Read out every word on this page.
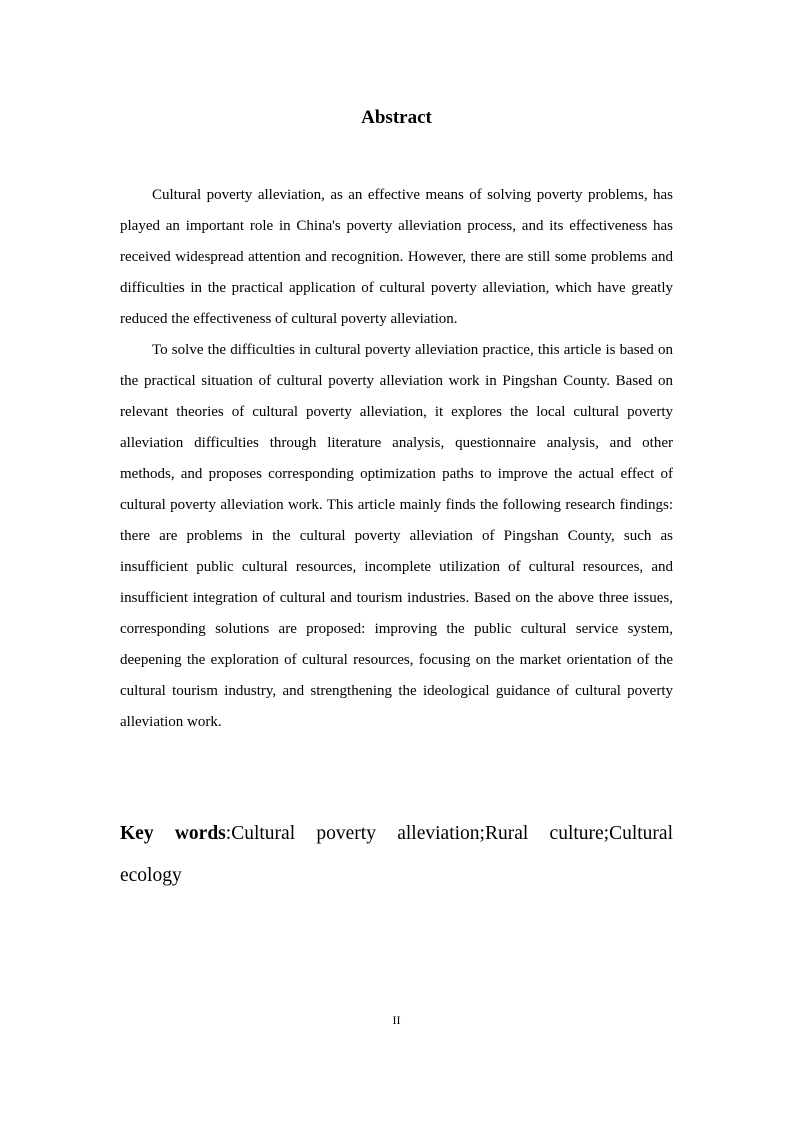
Abstract

Cultural poverty alleviation, as an effective means of solving poverty problems, has played an important role in China's poverty alleviation process, and its effectiveness has received widespread attention and recognition. However, there are still some problems and difficulties in the practical application of cultural poverty alleviation, which have greatly reduced the effectiveness of cultural poverty alleviation.

To solve the difficulties in cultural poverty alleviation practice, this article is based on the practical situation of cultural poverty alleviation work in Pingshan County. Based on relevant theories of cultural poverty alleviation, it explores the local cultural poverty alleviation difficulties through literature analysis, questionnaire analysis, and other methods, and proposes corresponding optimization paths to improve the actual effect of cultural poverty alleviation work. This article mainly finds the following research findings: there are problems in the cultural poverty alleviation of Pingshan County, such as insufficient public cultural resources, incomplete utilization of cultural resources, and insufficient integration of cultural and tourism industries. Based on the above three issues, corresponding solutions are proposed: improving the public cultural service system, deepening the exploration of cultural resources, focusing on the market orientation of the cultural tourism industry, and strengthening the ideological guidance of cultural poverty alleviation work.

Key words:Cultural poverty alleviation;Rural culture;Cultural ecology
II
